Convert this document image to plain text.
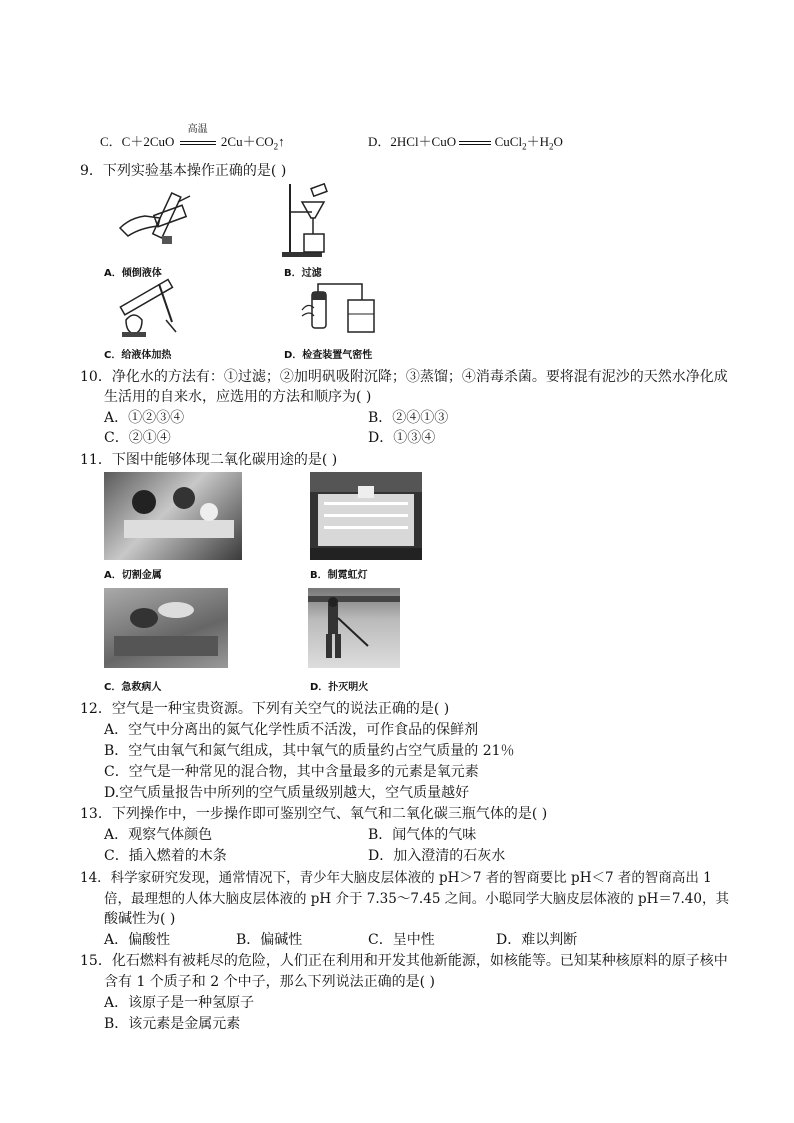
C．C＋2CuO
高温
$2Cu+CO_2↑$	D．2HCl＋CuO	$CuCl_2+H_2O$
9．下列实验基本操作正确的是( )
A．倾倒液体	B．过滤
C．给液体加热	D．检查装置气密性
10．净化水的方法有：①过滤；②加明矾吸附沉降；③蒸馏；④消毒杀菌。要将混有泥沙的天然水净化成
生活用的自来水，应选用的方法和顺序为( )
A．①②③④	B．②④①③
C．②①④	D．①③④
11．下图中能够体现二氧化碳用途的是( )
A．切割金属	B．制霓虹灯
C．急救病人	D．扑灭明火
12．空气是一种宝贵资源。下列有关空气的说法正确的是( )
A．空气中分离出的氮气化学性质不活泼，可作食品的保鲜剂
B．空气由氧气和氮气组成，其中氧气的质量约占空气质量的 21％
C．空气是一种常见的混合物，其中含量最多的元素是氧元素
D.空气质量报告中所列的空气质量级别越大，空气质量越好
13．下列操作中，一步操作即可鉴别空气、氧气和二氧化碳三瓶气体的是( )
A．观察气体颜色	B．闻气体的气味
C．插入燃着的木条	D．加入澄清的石灰水
14．科学家研究发现，通常情况下，青少年大脑皮层体液的 pH＞7 者的智商要比 pH＜7 者的智商高出 1
倍，最理想的人体大脑皮层体液的 pH 介于 7.35～7.45 之间。小聪同学大脑皮层体液的 pH＝7.40，其
酸碱性为( )
A．偏酸性	B．偏碱性	C．呈中性	D．难以判断
15．化石燃料有被耗尽的危险，人们正在利用和开发其他新能源，如核能等。已知某种核原料的原子核中
含有 1 个质子和 2 个中子，那么下列说法正确的是( )
A．该原子是一种氢原子
B．该元素是金属元素
